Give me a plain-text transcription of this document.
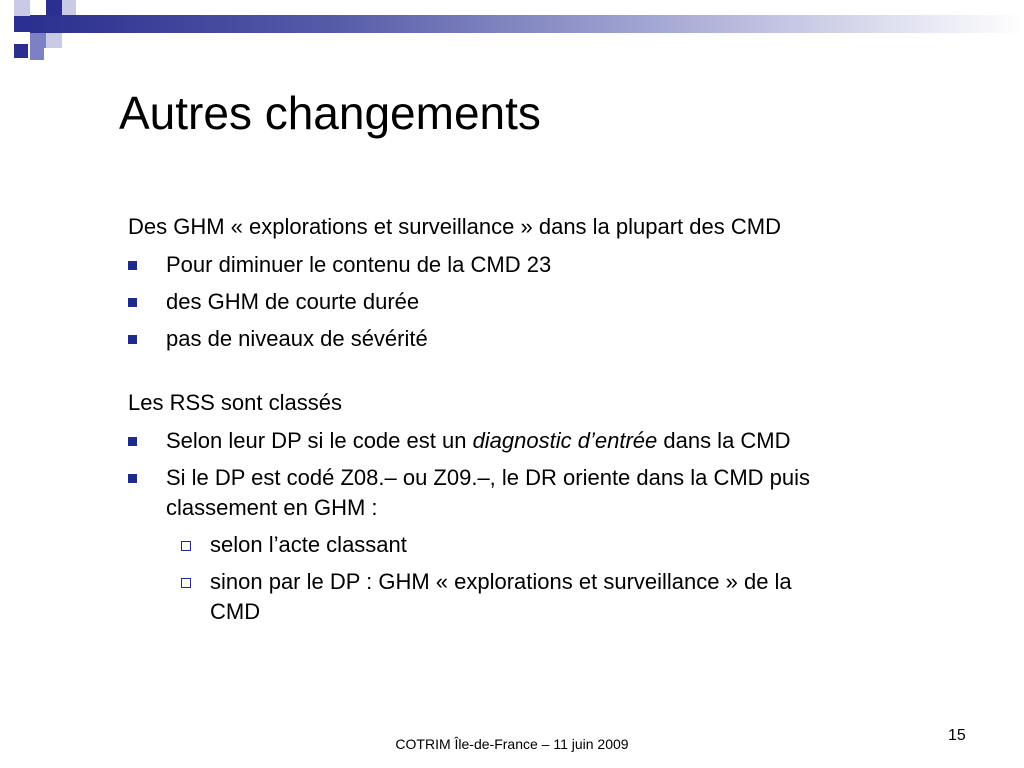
Autres changements

Des GHM « explorations et surveillance » dans la plupart des CMD

Pour diminuer le contenu de la CMD 23
des GHM de courte durée
pas de niveaux de sévérité

Les RSS sont classés

Selon leur DP si le code est un diagnostic d’entrée dans la CMD
Si le DP est codé Z08.– ou Z09.–, le DR oriente dans la CMD puis
classement en GHM :
selon l’acte classant
sinon par le DP : GHM « explorations et surveillance » de la
CMD
COTRIM Île-de-France – 11 juin 2009	15
